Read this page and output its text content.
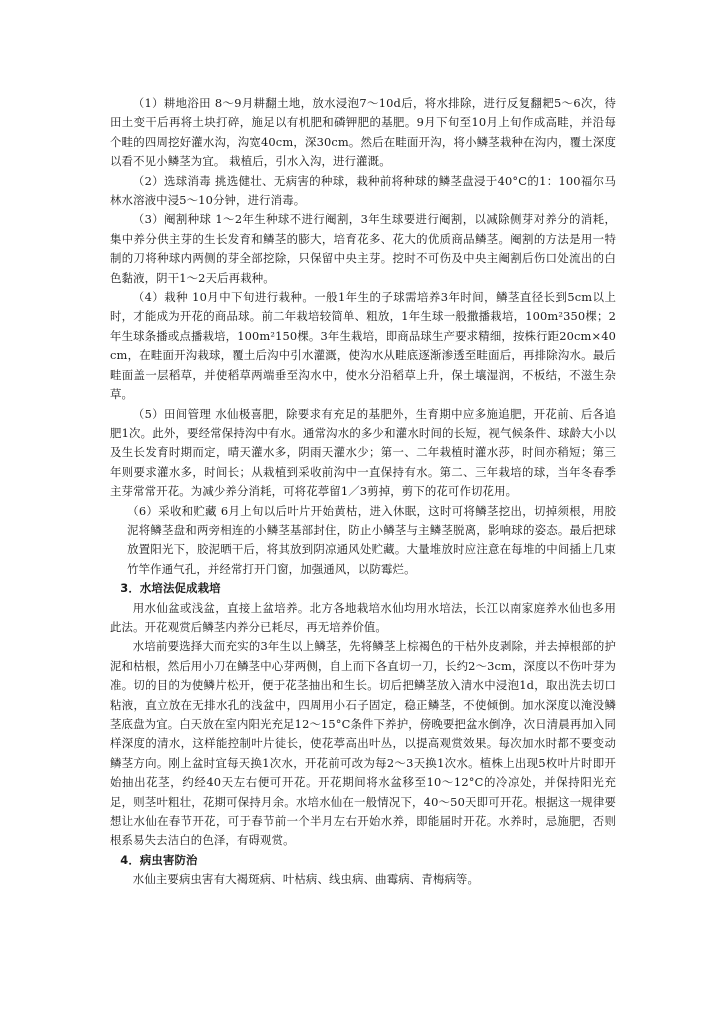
（1）耕地浴田 8～9月耕翻土地，放水浸泡7～10d后，将水排除，进行反复翻耙5～6次，待田土变干后再将土块打碎，施足以有机肥和磷钾肥的基肥。9月下旬至10月上旬作成高畦，并沿每个畦的四周挖好灌水沟，沟宽40cm，深30cm。然后在畦面开沟，将小鳞茎栽种在沟内，覆土深度以看不见小鳞茎为宜。 栽植后，引水入沟，进行灌溉。

（2）选球消毒 挑选健壮、无病害的种球，栽种前将种球的鳞茎盘浸于40°C的1：100福尔马林水溶液中浸5～10分钟，进行消毒。

（3）阉割种球 1～2年生种球不进行阉割，3年生球要进行阉割，以减除侧芽对养分的消耗，集中养分供主芽的生长发育和鳞茎的膨大，培育花多、花大的优质商品鳞茎。阉割的方法是用一特制的刀将种球内两侧的芽全部挖除，只保留中央主芽。挖时不可伤及中央主阉割后伤口处流出的白色黏液，阴干1～2天后再栽种。

（4）栽种 10月中下旬进行栽种。一般1年生的子球需培养3年时间，鳞茎直径长到5cm以上时，才能成为开花的商品球。前二年栽培较简单、粗放，1年生球一般撒播栽培，100m²350棵；2年生球条播或点播栽培，100m²150棵。3年生栽培，即商品球生产要求精细，按株行距20cm×40cm，在畦面开沟栽球，覆土后沟中引水灌溉，使沟水从畦底逐渐渗透至畦面后，再排除沟水。最后畦面盖一层稻草，并使稻草两端垂至沟水中，使水分沿稻草上升，保土壤湿润，不板结，不滋生杂草。

（5）田间管理 水仙极喜肥，除要求有充足的基肥外，生育期中应多施追肥，开花前、后各追肥1次。此外，要经常保持沟中有水。通常沟水的多少和灌水时间的长短，视气候条件、球龄大小以及生长发育时期而定，晴天灌水多，阴雨天灌水少；第一、二年栽植时灌水莎，时间亦稍短；第三年则要求灌水多，时间长；从栽植到采收前沟中一直保持有水。第二、三年栽培的球，当年冬春季主芽常常开花。为减少养分消耗，可将花葶留1／3剪掉，剪下的花可作切花用。

（6）采收和贮藏 6月上旬以后叶片开始黄枯，进入休眠，这时可将鳞茎挖出，切掉须根，用胶泥将鳞茎盘和两旁相连的小鳞茎基部封住，防止小鳞茎与主鳞茎脱离，影响球的姿态。最后把球放置阳光下，胶泥晒干后，将其放到阴凉通风处贮藏。大量堆放时应注意在每堆的中间插上几束竹竿作通气孔，并经常打开门窗，加强通风，以防霉烂。

3．水培法促成栽培

用水仙盆或浅盆，直接上盆培养。北方各地栽培水仙均用水培法，长江以南家庭养水仙也多用此法。开花观赏后鳞茎内养分已耗尽，再无培养价值。

水培前要选择大而充实的3年生以上鳞茎，先将鳞茎上棕褐色的干枯外皮剥除，并去掉根部的护泥和枯根，然后用小刀在鳞茎中心芽两侧，自上而下各直切一刀，长约2～3cm，深度以不伤叶芽为准。切的目的为使鳞片松开，便于花茎抽出和生长。切后把鳞茎放入清水中浸泡1d，取出洗去切口粘液，直立放在无排水孔的浅盆中，四周用小石子固定，稳正鳞茎，不使倾倒。加水深度以淹没鳞茎底盘为宜。白天放在室内阳光充足12～15°C条件下养护，傍晚要把盆水倒净，次日清晨再加入同样深度的清水，这样能控制叶片徒长，使花葶高出叶丛，以提高观赏效果。每次加水时都不要变动鳞茎方向。刚上盆时宜每天换1次水，开花前可改为每2～3天换1次水。植株上出现5枚叶片时即开始抽出花茎，约经40天左右便可开花。开花期间将水盆移至10～12°C的冷凉处，并保持阳光充足，则茎叶粗壮，花期可保持月余。水培水仙在一般情况下，40～50天即可开花。根据这一规律要想让水仙在春节开花，可于春节前一个半月左右开始水养，即能届时开花。水养时，忌施肥，否则根系易失去洁白的色泽，有碍观赏。

4．病虫害防治

水仙主要病虫害有大褐斑病、叶枯病、线虫病、曲霉病、青梅病等。
